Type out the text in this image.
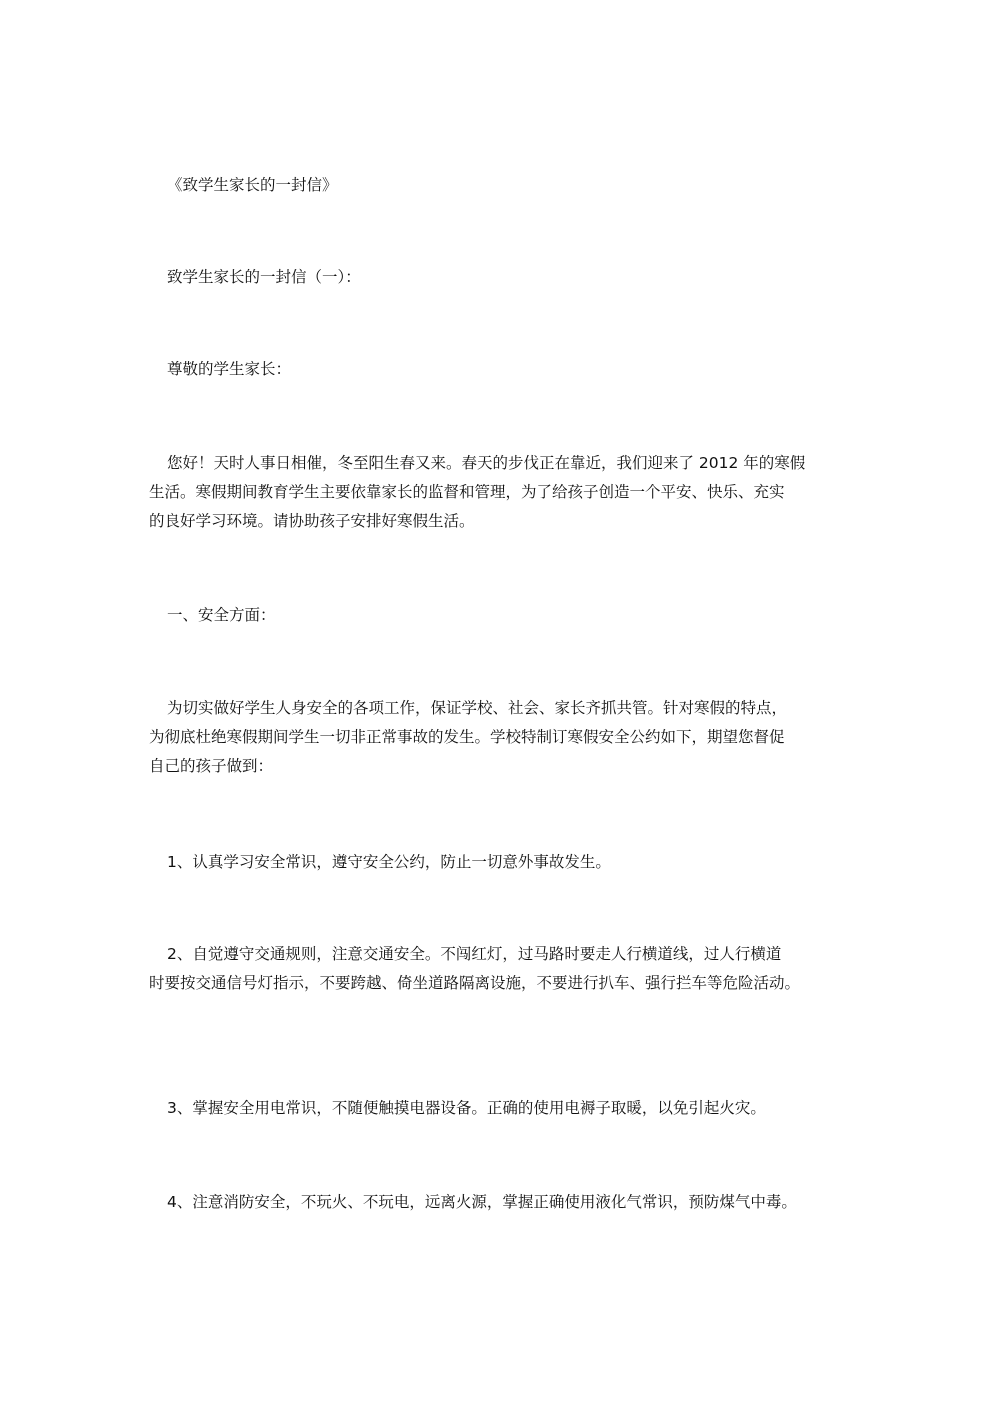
《致学生家长的一封信》

致学生家长的一封信（一）：

尊敬的学生家长：

您好！天时人事日相催，冬至阳生春又来。春天的步伐正在靠近，我们迎来了 2012 年的寒假
生活。寒假期间教育学生主要依靠家长的监督和管理，为了给孩子创造一个平安、快乐、充实
的良好学习环境。请协助孩子安排好寒假生活。

一、安全方面：

为切实做好学生人身安全的各项工作，保证学校、社会、家长齐抓共管。针对寒假的特点，
为彻底杜绝寒假期间学生一切非正常事故的发生。学校特制订寒假安全公约如下，期望您督促
自己的孩子做到：

1、认真学习安全常识，遵守安全公约，防止一切意外事故发生。

2、自觉遵守交通规则，注意交通安全。不闯红灯，过马路时要走人行横道线，过人行横道
时要按交通信号灯指示，不要跨越、倚坐道路隔离设施，不要进行扒车、强行拦车等危险活动。

3、掌握安全用电常识，不随便触摸电器设备。正确的使用电褥子取暖，以免引起火灾。

4、注意消防安全，不玩火、不玩电，远离火源，掌握正确使用液化气常识，预防煤气中毒。
